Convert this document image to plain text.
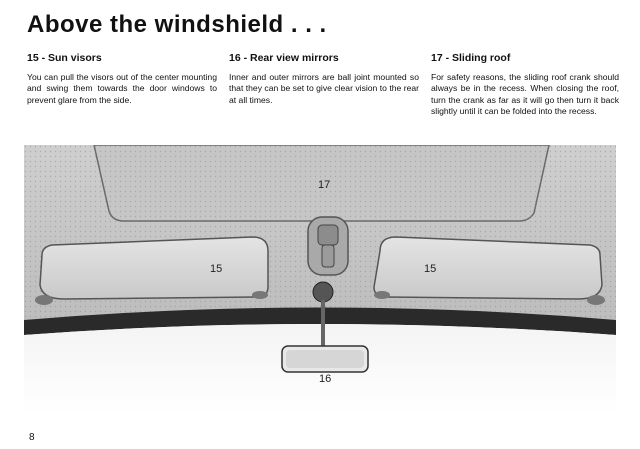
Above the windshield . . .
15 - Sun visors

You can pull the visors out of the center mounting and swing them towards the door windows to prevent glare from the side.

16 - Rear view mirrors

Inner and outer mirrors are ball joint mounted so that they can be set to give clear vision to the rear at all times.

17 - Sliding roof

For safety reasons, the sliding roof crank should always be in the recess. When closing the roof, turn the crank as far as it will go then turn it back slightly until it can be folded into the recess.

17
15	15
16
8
